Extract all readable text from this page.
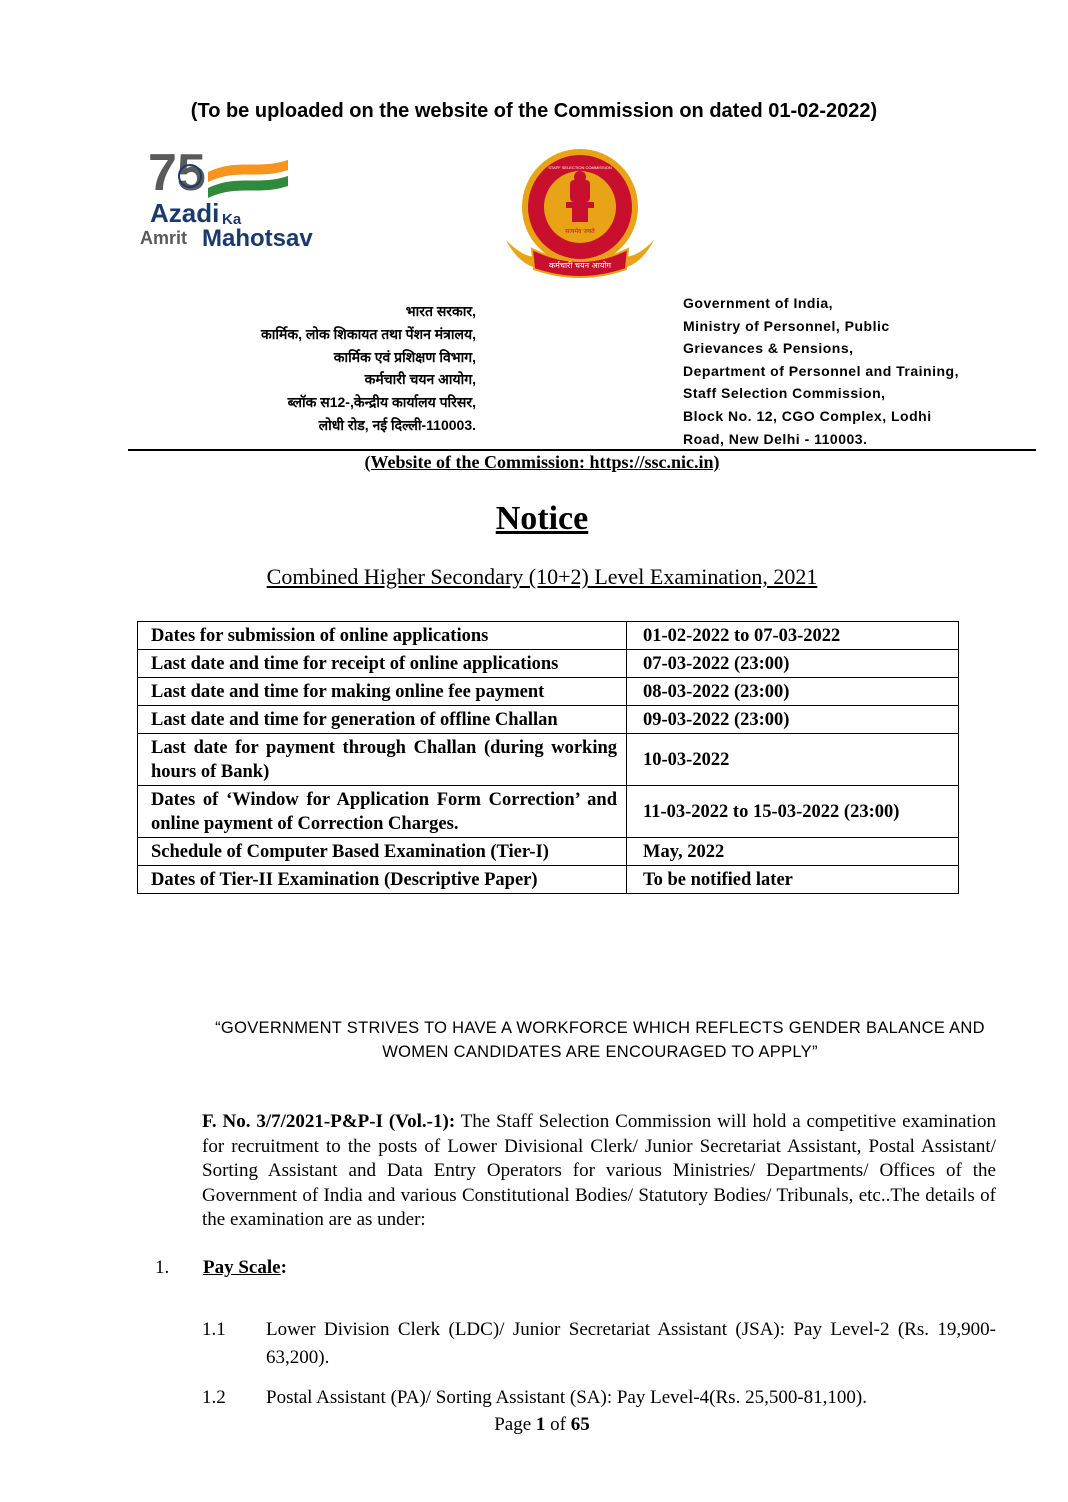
(To be uploaded on the website of the Commission on dated 01-02-2022)
75
Azadi Ka
Amrit Mahotsav	सत्यमेव जयते
कर्मचारी चयन आयोग
STAFF SELECTION COMMISSION
भारत सरकार,
कार्मिक, लोक शिकायत तथा पेंशन मंत्रालय,
कार्मिक एवं प्रशिक्षण विभाग,
कर्मचारी चयन आयोग,
ब्लॉक स12-,केन्द्रीय कार्यालय परिसर,
लोधी रोड, नई दिल्ली-110003.
Government of India,
Ministry of Personnel, Public
Grievances & Pensions,
Department of Personnel and Training,
Staff Selection Commission,
Block No. 12, CGO Complex, Lodhi
Road, New Delhi - 110003.
(Website of the Commission: https://ssc.nic.in)
Notice
Combined Higher Secondary (10+2) Level Examination, 2021
Dates for submission of online applications	01-02-2022 to 07-03-2022
Last date and time for receipt of online applications	07-03-2022 (23:00)
Last date and time for making online fee payment	08-03-2022 (23:00)
Last date and time for generation of offline Challan	09-03-2022 (23:00)
Last date for payment through Challan (during working hours of Bank)	10-03-2022
Dates of ‘Window for Application Form Correction’ and online payment of Correction Charges.	11-03-2022 to 15-03-2022 (23:00)
Schedule of Computer Based Examination (Tier-I)	May, 2022
Dates of Tier-II Examination (Descriptive Paper)	To be notified later
“GOVERNMENT STRIVES TO HAVE A WORKFORCE WHICH REFLECTS GENDER BALANCE AND WOMEN CANDIDATES ARE ENCOURAGED TO APPLY”
F. No. 3/7/2021-P&P-I (Vol.-1): The Staff Selection Commission will hold a competitive examination for recruitment to the posts of Lower Divisional Clerk/ Junior Secretariat Assistant, Postal Assistant/ Sorting Assistant and Data Entry Operators for various Ministries/ Departments/ Offices of the Government of India and various Constitutional Bodies/ Statutory Bodies/ Tribunals, etc..The details of the examination are as under:
1. Pay Scale:
1.1 Lower Division Clerk (LDC)/ Junior Secretariat Assistant (JSA): Pay Level-2 (Rs. 19,900-63,200).
1.2 Postal Assistant (PA)/ Sorting Assistant (SA): Pay Level-4(Rs. 25,500-81,100).
Page 1 of 65
